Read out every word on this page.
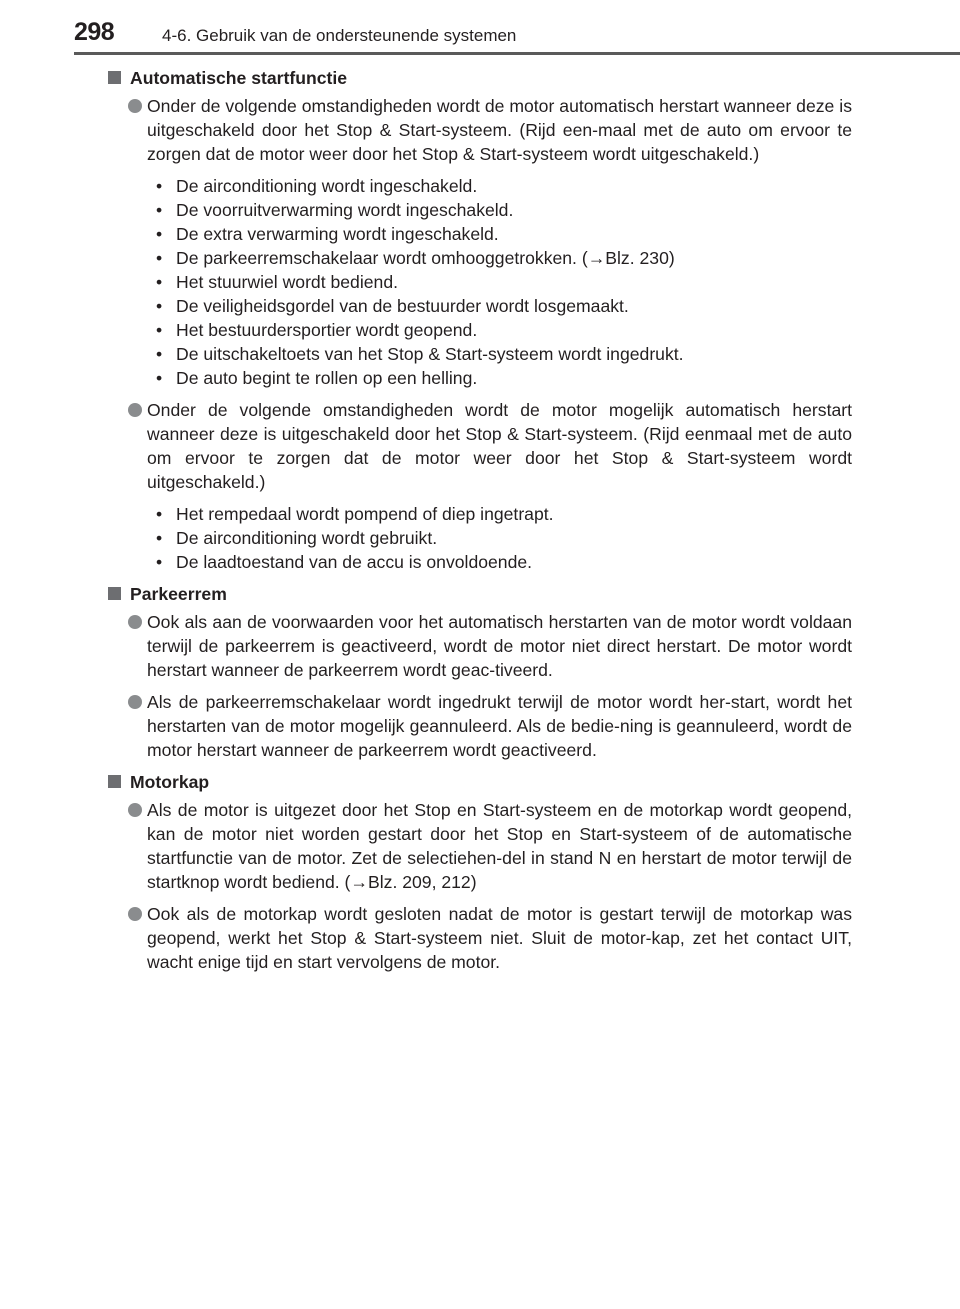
298	4-6. Gebruik van de ondersteunende systemen
Automatische startfunctie
Onder de volgende omstandigheden wordt de motor automatisch herstart wanneer deze is uitgeschakeld door het Stop & Start-systeem. (Rijd een-maal met de auto om ervoor te zorgen dat de motor weer door het Stop & Start-systeem wordt uitgeschakeld.)
• De airconditioning wordt ingeschakeld.
• De voorruitverwarming wordt ingeschakeld.
• De extra verwarming wordt ingeschakeld.
• De parkeerremschakelaar wordt omhooggetrokken. (→Blz. 230)
• Het stuurwiel wordt bediend.
• De veiligheidsgordel van de bestuurder wordt losgemaakt.
• Het bestuurdersportier wordt geopend.
• De uitschakeltoets van het Stop & Start-systeem wordt ingedrukt.
• De auto begint te rollen op een helling.
Onder de volgende omstandigheden wordt de motor mogelijk automatisch herstart wanneer deze is uitgeschakeld door het Stop & Start-systeem. (Rijd eenmaal met de auto om ervoor te zorgen dat de motor weer door het Stop & Start-systeem wordt uitgeschakeld.)
• Het rempedaal wordt pompend of diep ingetrapt.
• De airconditioning wordt gebruikt.
• De laadtoestand van de accu is onvoldoende.
Parkeerrem
Ook als aan de voorwaarden voor het automatisch herstarten van de motor wordt voldaan terwijl de parkeerrem is geactiveerd, wordt de motor niet direct herstart. De motor wordt herstart wanneer de parkeerrem wordt geac-tiveerd.
Als de parkeerremschakelaar wordt ingedrukt terwijl de motor wordt her-start, wordt het herstarten van de motor mogelijk geannuleerd. Als de bedie-ning is geannuleerd, wordt de motor herstart wanneer de parkeerrem wordt geactiveerd.
Motorkap
Als de motor is uitgezet door het Stop en Start-systeem en de motorkap wordt geopend, kan de motor niet worden gestart door het Stop en Start-systeem of de automatische startfunctie van de motor. Zet de selectiehen-del in stand N en herstart de motor terwijl de startknop wordt bediend. (→Blz. 209, 212)
Ook als de motorkap wordt gesloten nadat de motor is gestart terwijl de motorkap was geopend, werkt het Stop & Start-systeem niet. Sluit de motor-kap, zet het contact UIT, wacht enige tijd en start vervolgens de motor.
